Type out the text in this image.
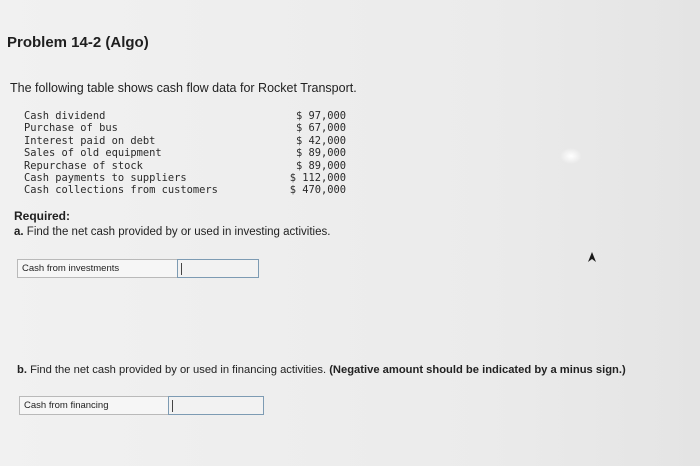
Problem 14-2 (Algo)
The following table shows cash flow data for Rocket Transport.
Cash dividend	$ 97,000
Purchase of bus	$ 67,000
Interest paid on debt	$ 42,000
Sales of old equipment	$ 89,000
Repurchase of stock	$ 89,000
Cash payments to suppliers	$ 112,000
Cash collections from customers	$ 470,000
Required:
a. Find the net cash provided by or used in investing activities.
Cash from investments
b. Find the net cash provided by or used in financing activities. (Negative amount should be indicated by a minus sign.)
Cash from financing
